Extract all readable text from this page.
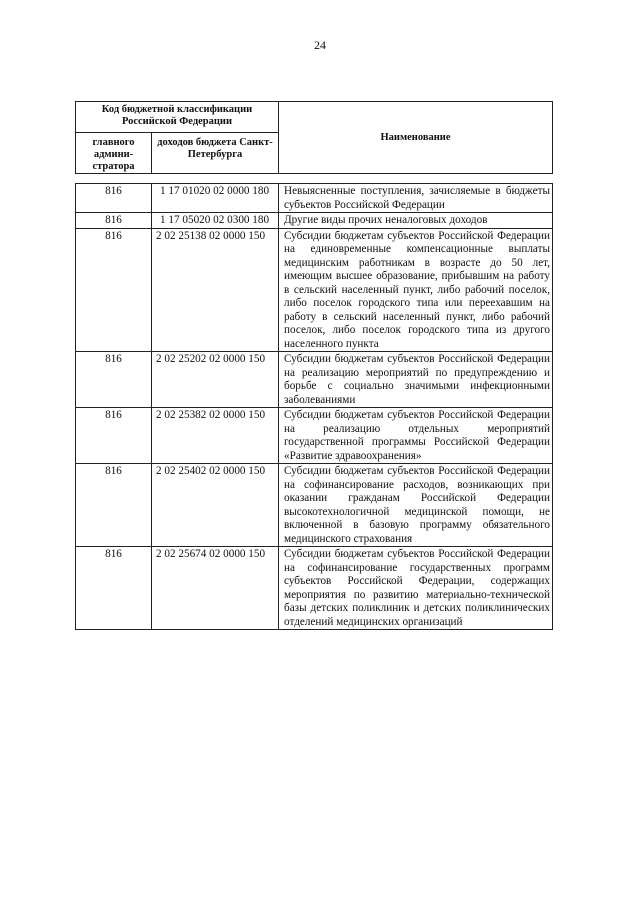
24
Код бюджетной классификации Российской Федерации		Наименование
главного админи-стратора	доходов бюджета Санкт-Петербурга	
816	1 17 01020 02 0000 180	Невыясненные поступления, зачисляемые в бюджеты субъектов Российской Федерации
816	1 17 05020 02 0300 180	Другие виды прочих неналоговых доходов
816	2 02 25138 02 0000 150	Субсидии бюджетам субъектов Российской Федерации на единовременные компенсационные выплаты медицинским работникам в возрасте до 50 лет, имеющим высшее образование, прибывшим на работу в сельский населенный пункт, либо рабочий поселок, либо поселок городского типа или переехавшим на работу в сельский населенный пункт, либо рабочий поселок, либо поселок городского типа из другого населенного пункта
816	2 02 25202 02 0000 150	Субсидии бюджетам субъектов Российской Федерации на реализацию мероприятий по предупреждению и борьбе с социально значимыми инфекционными заболеваниями
816	2 02 25382 02 0000 150	Субсидии бюджетам субъектов Российской Федерации на реализацию отдельных мероприятий государственной программы Российской Федерации «Развитие здравоохранения»
816	2 02 25402 02 0000 150	Субсидии бюджетам субъектов Российской Федерации на софинансирование расходов, возникающих при оказании гражданам Российской Федерации высокотехнологичной медицинской помощи, не включенной в базовую программу обязательного медицинского страхования
816	2 02 25674 02 0000 150	Субсидии бюджетам субъектов Российской Федерации на софинансирование государственных программ субъектов Российской Федерации, содержащих мероприятия по развитию материально-технической базы детских поликлиник и детских поликлинических отделений медицинских организаций
